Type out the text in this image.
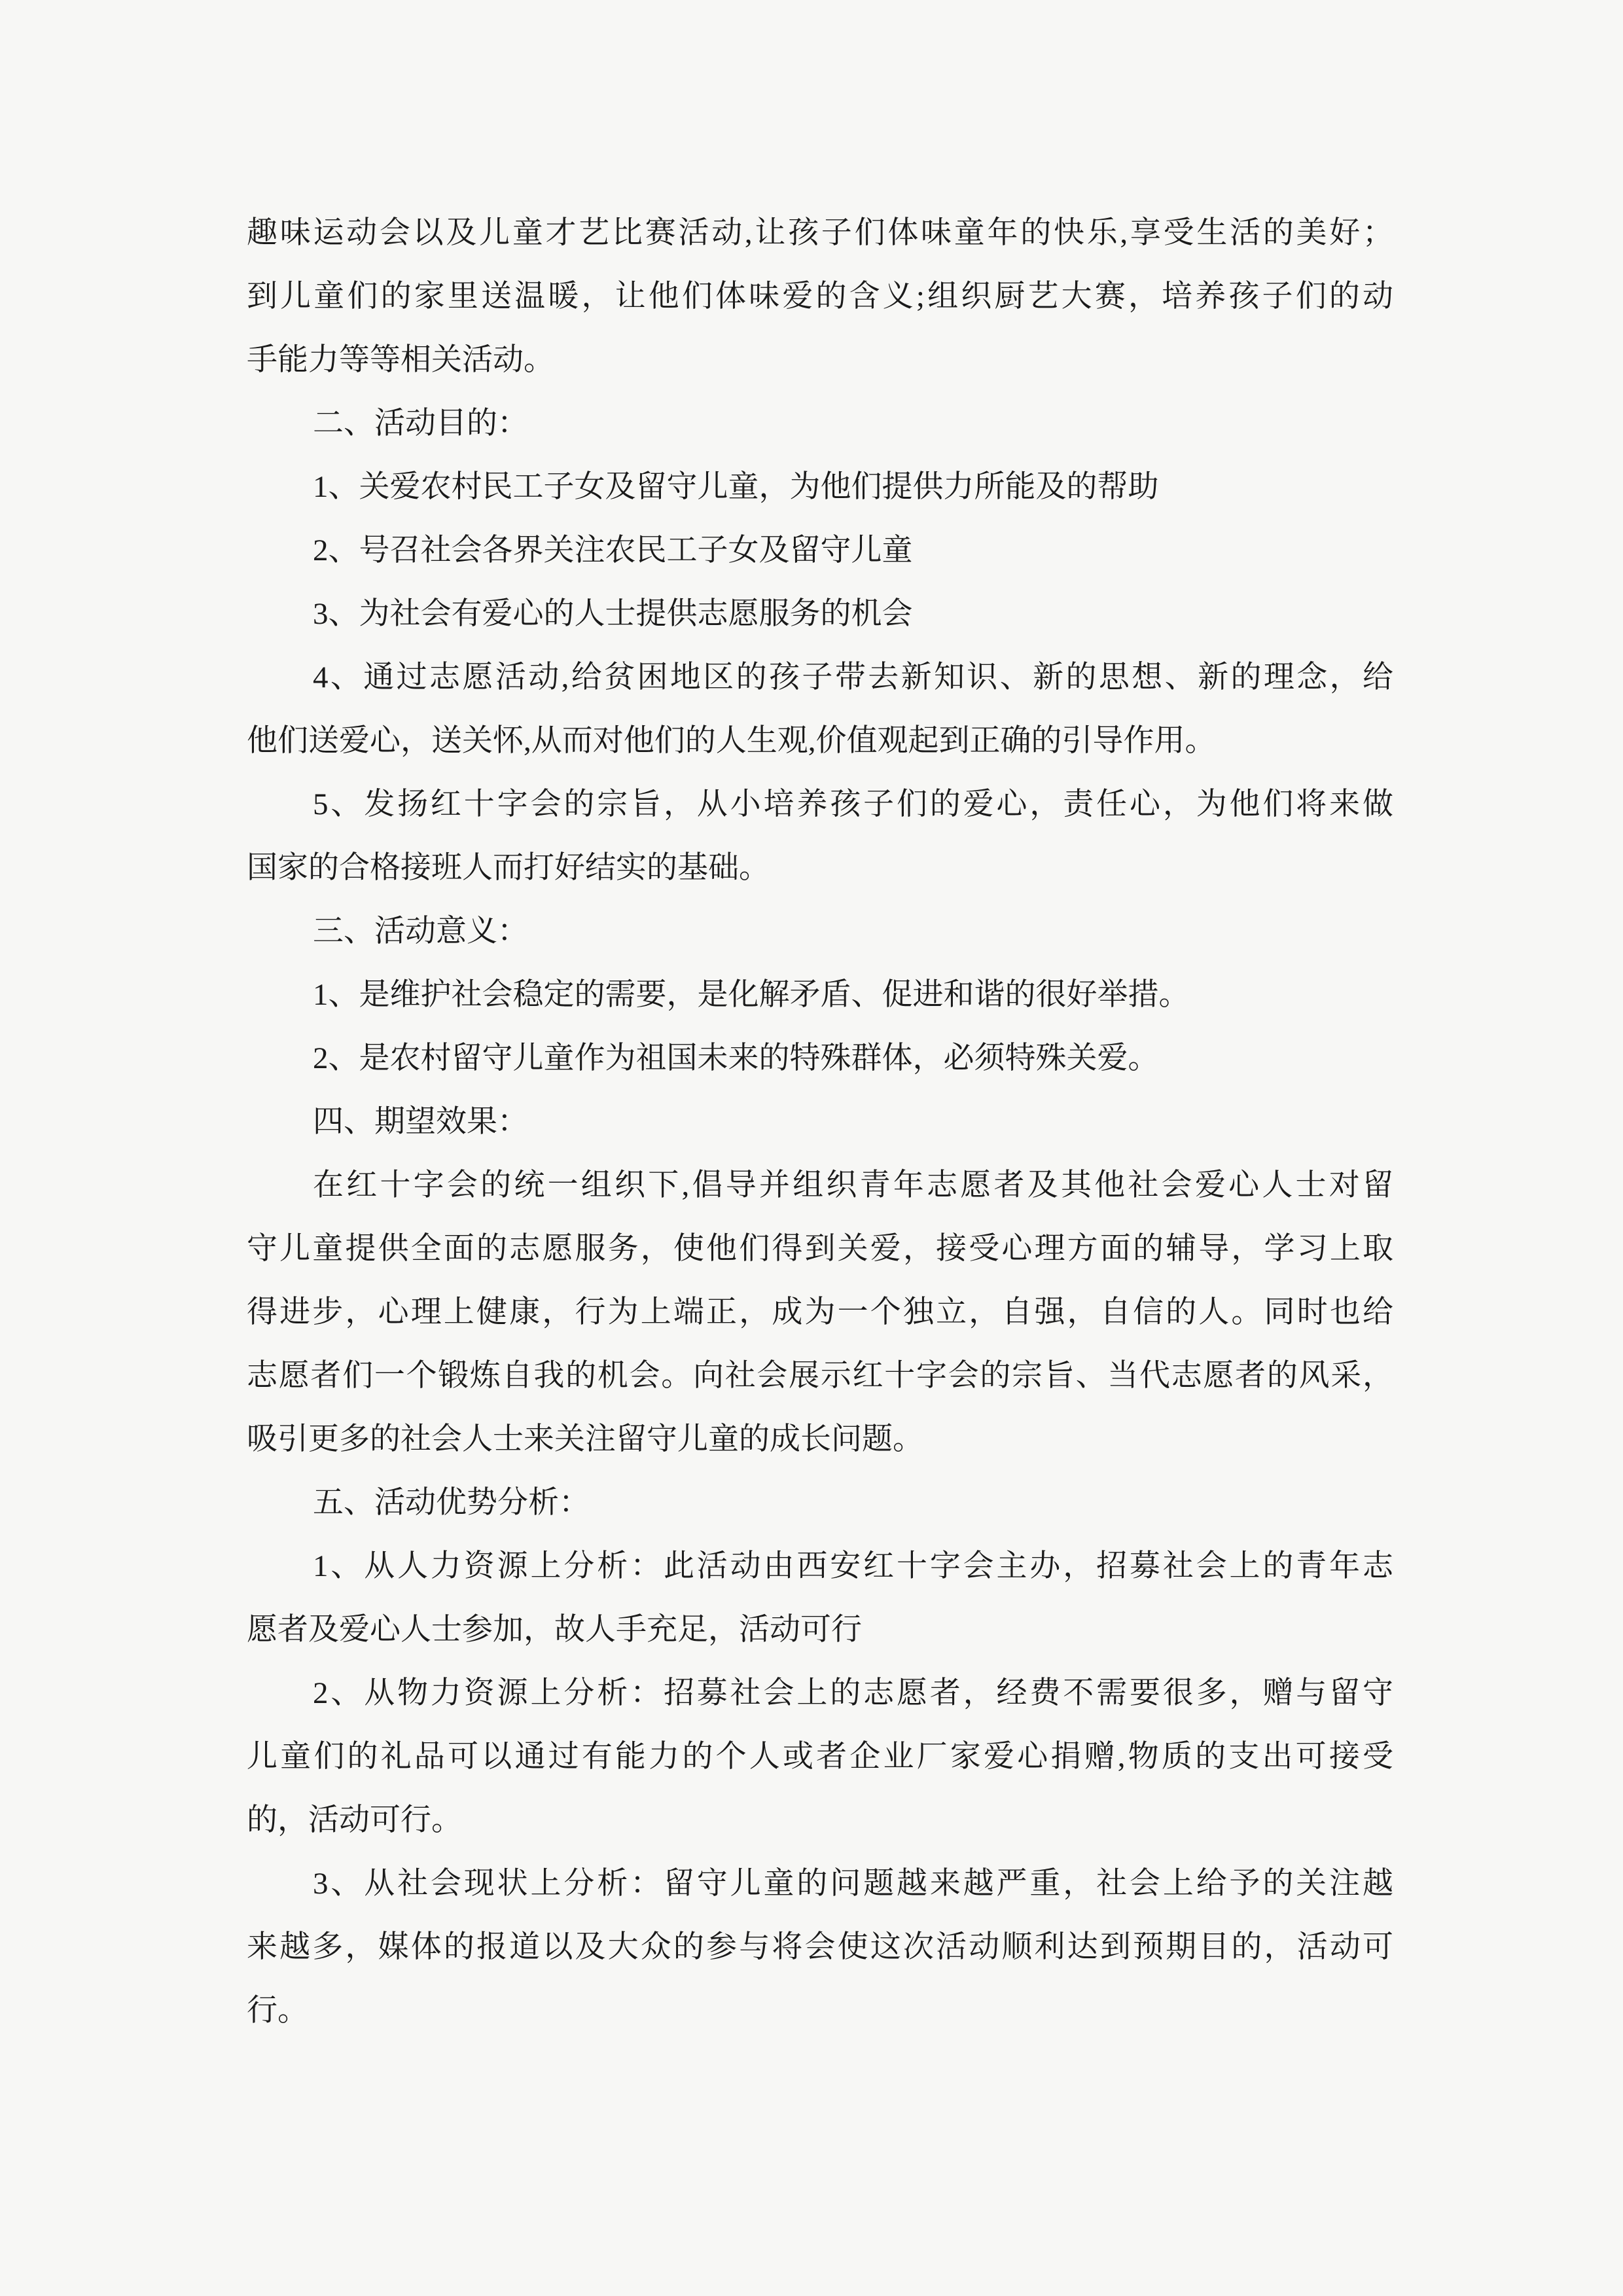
趣味运动会以及儿童才艺比赛活动,让孩子们体味童年的快乐,享受生活的美好；
到儿童们的家里送温暖，让他们体味爱的含义;组织厨艺大赛，培养孩子们的动
手能力等等相关活动。
二、活动目的：
1、关爱农村民工子女及留守儿童，为他们提供力所能及的帮助
2、号召社会各界关注农民工子女及留守儿童
3、为社会有爱心的人士提供志愿服务的机会
4、通过志愿活动,给贫困地区的孩子带去新知识、新的思想、新的理念，给
他们送爱心，送关怀,从而对他们的人生观,价值观起到正确的引导作用。
5、发扬红十字会的宗旨，从小培养孩子们的爱心，责任心，为他们将来做
国家的合格接班人而打好结实的基础。
三、活动意义：
1、是维护社会稳定的需要，是化解矛盾、促进和谐的很好举措。
2、是农村留守儿童作为祖国未来的特殊群体，必须特殊关爱。
四、期望效果：
在红十字会的统一组织下,倡导并组织青年志愿者及其他社会爱心人士对留
守儿童提供全面的志愿服务，使他们得到关爱，接受心理方面的辅导，学习上取
得进步，心理上健康，行为上端正，成为一个独立，自强，自信的人。同时也给
志愿者们一个锻炼自我的机会。向社会展示红十字会的宗旨、当代志愿者的风采，
吸引更多的社会人士来关注留守儿童的成长问题。
五、活动优势分析：
1、从人力资源上分析：此活动由西安红十字会主办，招募社会上的青年志
愿者及爱心人士参加，故人手充足，活动可行
2、从物力资源上分析：招募社会上的志愿者，经费不需要很多，赠与留守
儿童们的礼品可以通过有能力的个人或者企业厂家爱心捐赠,物质的支出可接受
的，活动可行。
3、从社会现状上分析：留守儿童的问题越来越严重，社会上给予的关注越
来越多，媒体的报道以及大众的参与将会使这次活动顺利达到预期目的，活动可
行。
